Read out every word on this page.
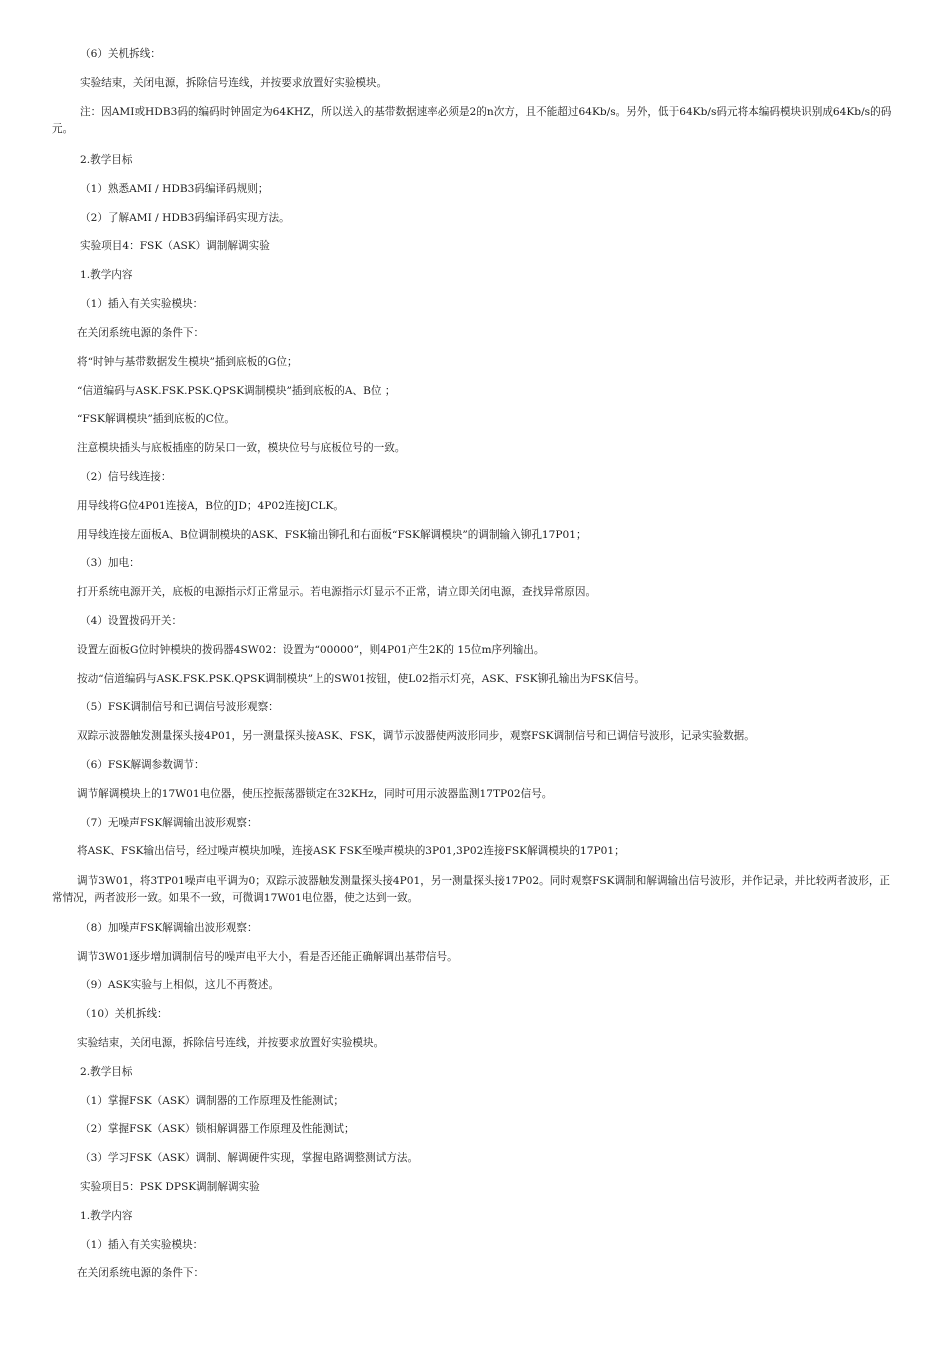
（6）关机拆线：

实验结束，关闭电源，拆除信号连线，并按要求放置好实验模块。

注：因AMI或HDB3码的编码时钟固定为64KHZ，所以送入的基带数据速率必须是2的n次方，且不能超过64Kb/s。另外，低于64Kb/s码元将本编码模块识别成64Kb/s的码元。

2.教学目标

（1）熟悉AMI / HDB3码编译码规则；

（2）了解AMI / HDB3码编译码实现方法。

实验项目4：FSK（ASK）调制解调实验

1.教学内容

（1）插入有关实验模块：

在关闭系统电源的条件下：

将“时钟与基带数据发生模块”插到底板的G位；

“信道编码与ASK.FSK.PSK.QPSK调制模块”插到底板的A、B位 ；

“FSK解调模块”插到底板的C位。

注意模块插头与底板插座的防呆口一致，模块位号与底板位号的一致。

（2）信号线连接：

用导线将G位4P01连接A，B位的JD；4P02连接JCLK。

用导线连接左面板A、B位调制模块的ASK、FSK输出铆孔和右面板“FSK解调模块”的调制输入铆孔17P01；

（3）加电：

打开系统电源开关，底板的电源指示灯正常显示。若电源指示灯显示不正常，请立即关闭电源，查找异常原因。

（4）设置拨码开关：

设置左面板G位时钟模块的拨码器4SW02：设置为“00000”，则4P01产生2K的 15位m序列输出。

按动“信道编码与ASK.FSK.PSK.QPSK调制模块”上的SW01按钮，使L02指示灯亮，ASK、FSK铆孔输出为FSK信号。

（5）FSK调制信号和已调信号波形观察：

双踪示波器触发测量探头接4P01，另一测量探头接ASK、FSK，调节示波器使两波形同步，观察FSK调制信号和已调信号波形，记录实验数据。

（6）FSK解调参数调节：

调节解调模块上的17W01电位器，使压控振荡器锁定在32KHz，同时可用示波器监测17TP02信号。

（7）无噪声FSK解调输出波形观察：

将ASK、FSK输出信号，经过噪声模块加噪，连接ASK FSK至噪声模块的3P01,3P02连接FSK解调模块的17P01；

调节3W01，将3TP01噪声电平调为0；双踪示波器触发测量探头接4P01，另一测量探头接17P02。同时观察FSK调制和解调输出信号波形，并作记录，并比较两者波形，正常情况，两者波形一致。如果不一致，可微调17W01电位器，使之达到一致。

（8）加噪声FSK解调输出波形观察：

调节3W01逐步增加调制信号的噪声电平大小，看是否还能正确解调出基带信号。

（9）ASK实验与上相似，这儿不再赘述。

（10）关机拆线：

实验结束，关闭电源，拆除信号连线，并按要求放置好实验模块。

2.教学目标

（1）掌握FSK（ASK）调制器的工作原理及性能测试；

（2）掌握FSK（ASK）锁相解调器工作原理及性能测试；

（3）学习FSK（ASK）调制、解调硬件实现，掌握电路调整测试方法。

实验项目5：PSK DPSK调制解调实验

1.教学内容

（1）插入有关实验模块：

在关闭系统电源的条件下：
